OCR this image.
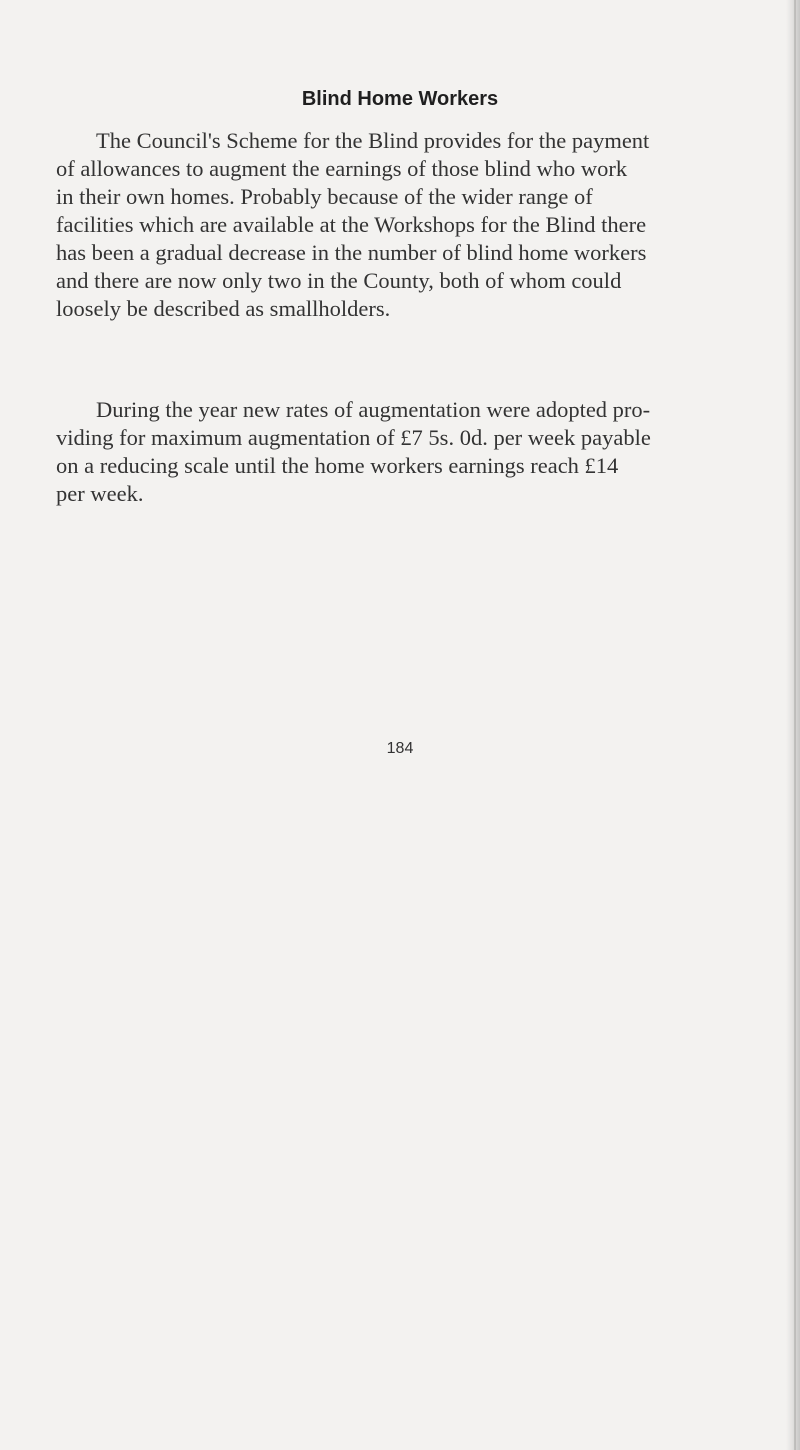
Blind Home Workers
The Council's Scheme for the Blind provides for the payment
of allowances to augment the earnings of those blind who work
in their own homes. Probably because of the wider range of
facilities which are available at the Workshops for the Blind there
has been a gradual decrease in the number of blind home workers
and there are now only two in the County, both of whom could
loosely be described as smallholders.
During the year new rates of augmentation were adopted pro-
viding for maximum augmentation of £7 5s. 0d. per week payable
on a reducing scale until the home workers earnings reach £14
per week.
184
